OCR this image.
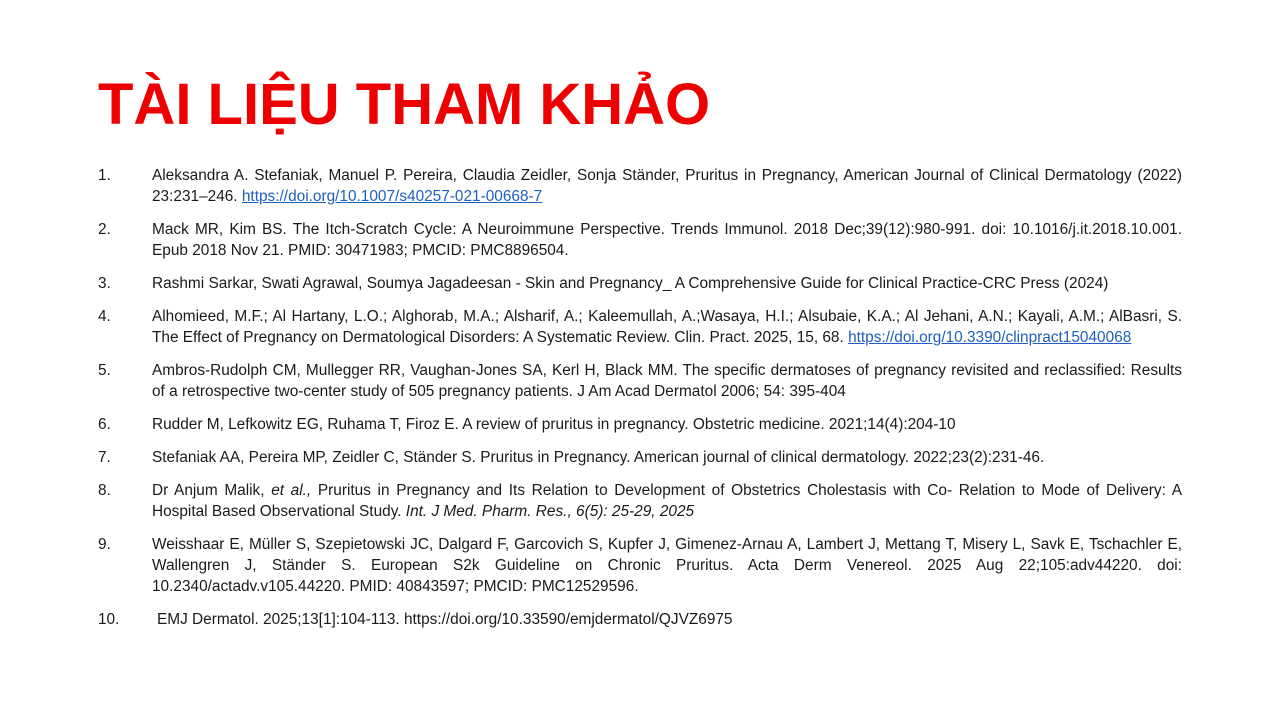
TÀI LIỆU THAM KHẢO
1.	Aleksandra A. Stefaniak, Manuel P. Pereira, Claudia Zeidler, Sonja Ständer, Pruritus in Pregnancy, American Journal of Clinical Dermatology (2022) 23:231–246. https://doi.org/10.1007/s40257-021-00668-7
2.	Mack MR, Kim BS. The Itch-Scratch Cycle: A Neuroimmune Perspective. Trends Immunol. 2018 Dec;39(12):980-991. doi: 10.1016/j.it.2018.10.001. Epub 2018 Nov 21. PMID: 30471983; PMCID: PMC8896504.
3.	Rashmi Sarkar, Swati Agrawal, Soumya Jagadeesan - Skin and Pregnancy_ A Comprehensive Guide for Clinical Practice-CRC Press (2024)
4.	Alhomieed, M.F.; Al Hartany, L.O.; Alghorab, M.A.; Alsharif, A.; Kaleemullah, A.;Wasaya, H.I.; Alsubaie, K.A.; Al Jehani, A.N.; Kayali, A.M.; AlBasri, S. The Effect of Pregnancy on Dermatological Disorders: A Systematic Review. Clin. Pract. 2025, 15, 68. https://doi.org/10.3390/clinpract15040068
5.	Ambros-Rudolph CM, Mullegger RR, Vaughan-Jones SA, Kerl H, Black MM. The specific dermatoses of pregnancy revisited and reclassified: Results of a retrospective two-center study of 505 pregnancy patients. J Am Acad Dermatol 2006; 54: 395-404
6.	Rudder M, Lefkowitz EG, Ruhama T, Firoz E. A review of pruritus in pregnancy. Obstetric medicine. 2021;14(4):204-10
7.	Stefaniak AA, Pereira MP, Zeidler C, Ständer S. Pruritus in Pregnancy. American journal of clinical dermatology. 2022;23(2):231-46.
8.	Dr Anjum Malik, et al., Pruritus in Pregnancy and Its Relation to Development of Obstetrics Cholestasis with Co- Relation to Mode of Delivery: A Hospital Based Observational Study. Int. J Med. Pharm. Res., 6(5): 25-29, 2025
9.	Weisshaar E, Müller S, Szepietowski JC, Dalgard F, Garcovich S, Kupfer J, Gimenez-Arnau A, Lambert J, Mettang T, Misery L, Savk E, Tschachler E, Wallengren J, Ständer S. European S2k Guideline on Chronic Pruritus. Acta Derm Venereol. 2025 Aug 22;105:adv44220. doi: 10.2340/actadv.v105.44220. PMID: 40843597; PMCID: PMC12529596.
10.	EMJ Dermatol. 2025;13[1]:104-113. https://doi.org/10.33590/emjdermatol/QJVZ6975
